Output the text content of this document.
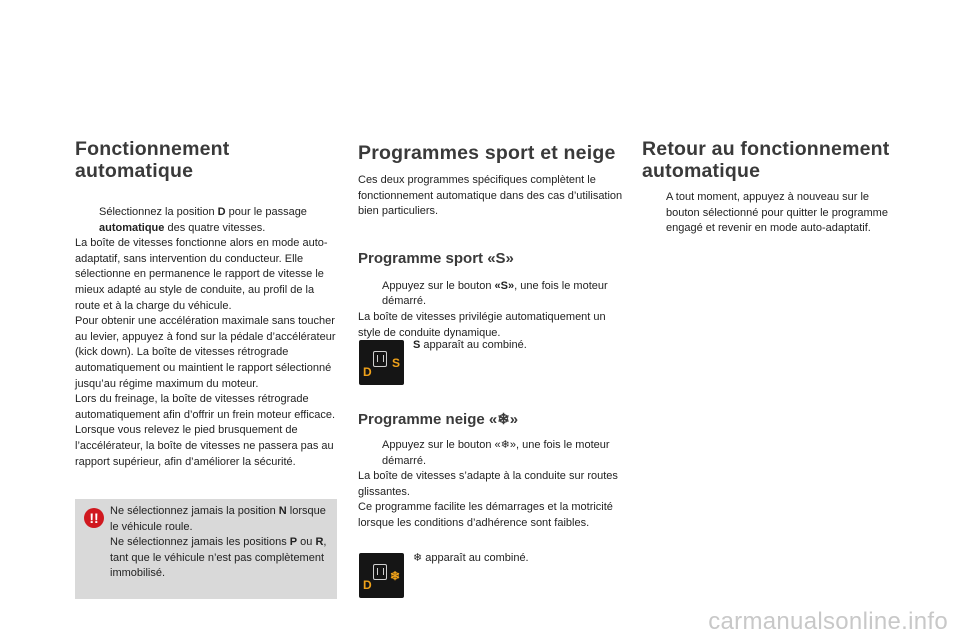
Fonctionnement automatique
Sélectionnez la position D pour le passage automatique des quatre vitesses.

La boîte de vitesses fonctionne alors en mode auto-adaptatif, sans intervention du conducteur. Elle sélectionne en permanence le rapport de vitesse le mieux adapté au style de conduite, au profil de la route et à la charge du véhicule.

Pour obtenir une accélération maximale sans toucher au levier, appuyez à fond sur la pédale d’accélérateur (kick down). La boîte de vitesses rétrograde automatiquement ou maintient le rapport sélectionné jusqu’au régime maximum du moteur.

Lors du freinage, la boîte de vitesses rétrograde automatiquement afin d’offrir un frein moteur efficace.

Lorsque vous relevez le pied brusquement de l’accélérateur, la boîte de vitesses ne passera pas au rapport supérieur, afin d’améliorer la sécurité.

!!	Ne sélectionnez jamais la position N lorsque le véhicule roule.
Ne sélectionnez jamais les positions P ou R, tant que le véhicule n’est pas complètement immobilisé.
Programmes sport et neige

Ces deux programmes spécifiques complètent le fonctionnement automatique dans des cas d’utilisation bien particuliers.

Programme sport «S»
Appuyez sur le bouton «S», une fois le moteur démarré.

La boîte de vitesses privilégie automatiquement un style de conduite dynamique.

D
S
S apparaît au combiné.
Programme neige «❄»
Appuyez sur le bouton «❄», une fois le moteur démarré.

La boîte de vitesses s’adapte à la conduite sur routes glissantes.

Ce programme facilite les démarrages et la motricité lorsque les conditions d’adhérence sont faibles.

D
❄
❄ apparaît au combiné.
Retour au fonctionnement automatique
A tout moment, appuyez à nouveau sur le bouton sélectionné pour quitter le programme engagé et revenir en mode auto-adaptatif.
carmanualsonline.info
